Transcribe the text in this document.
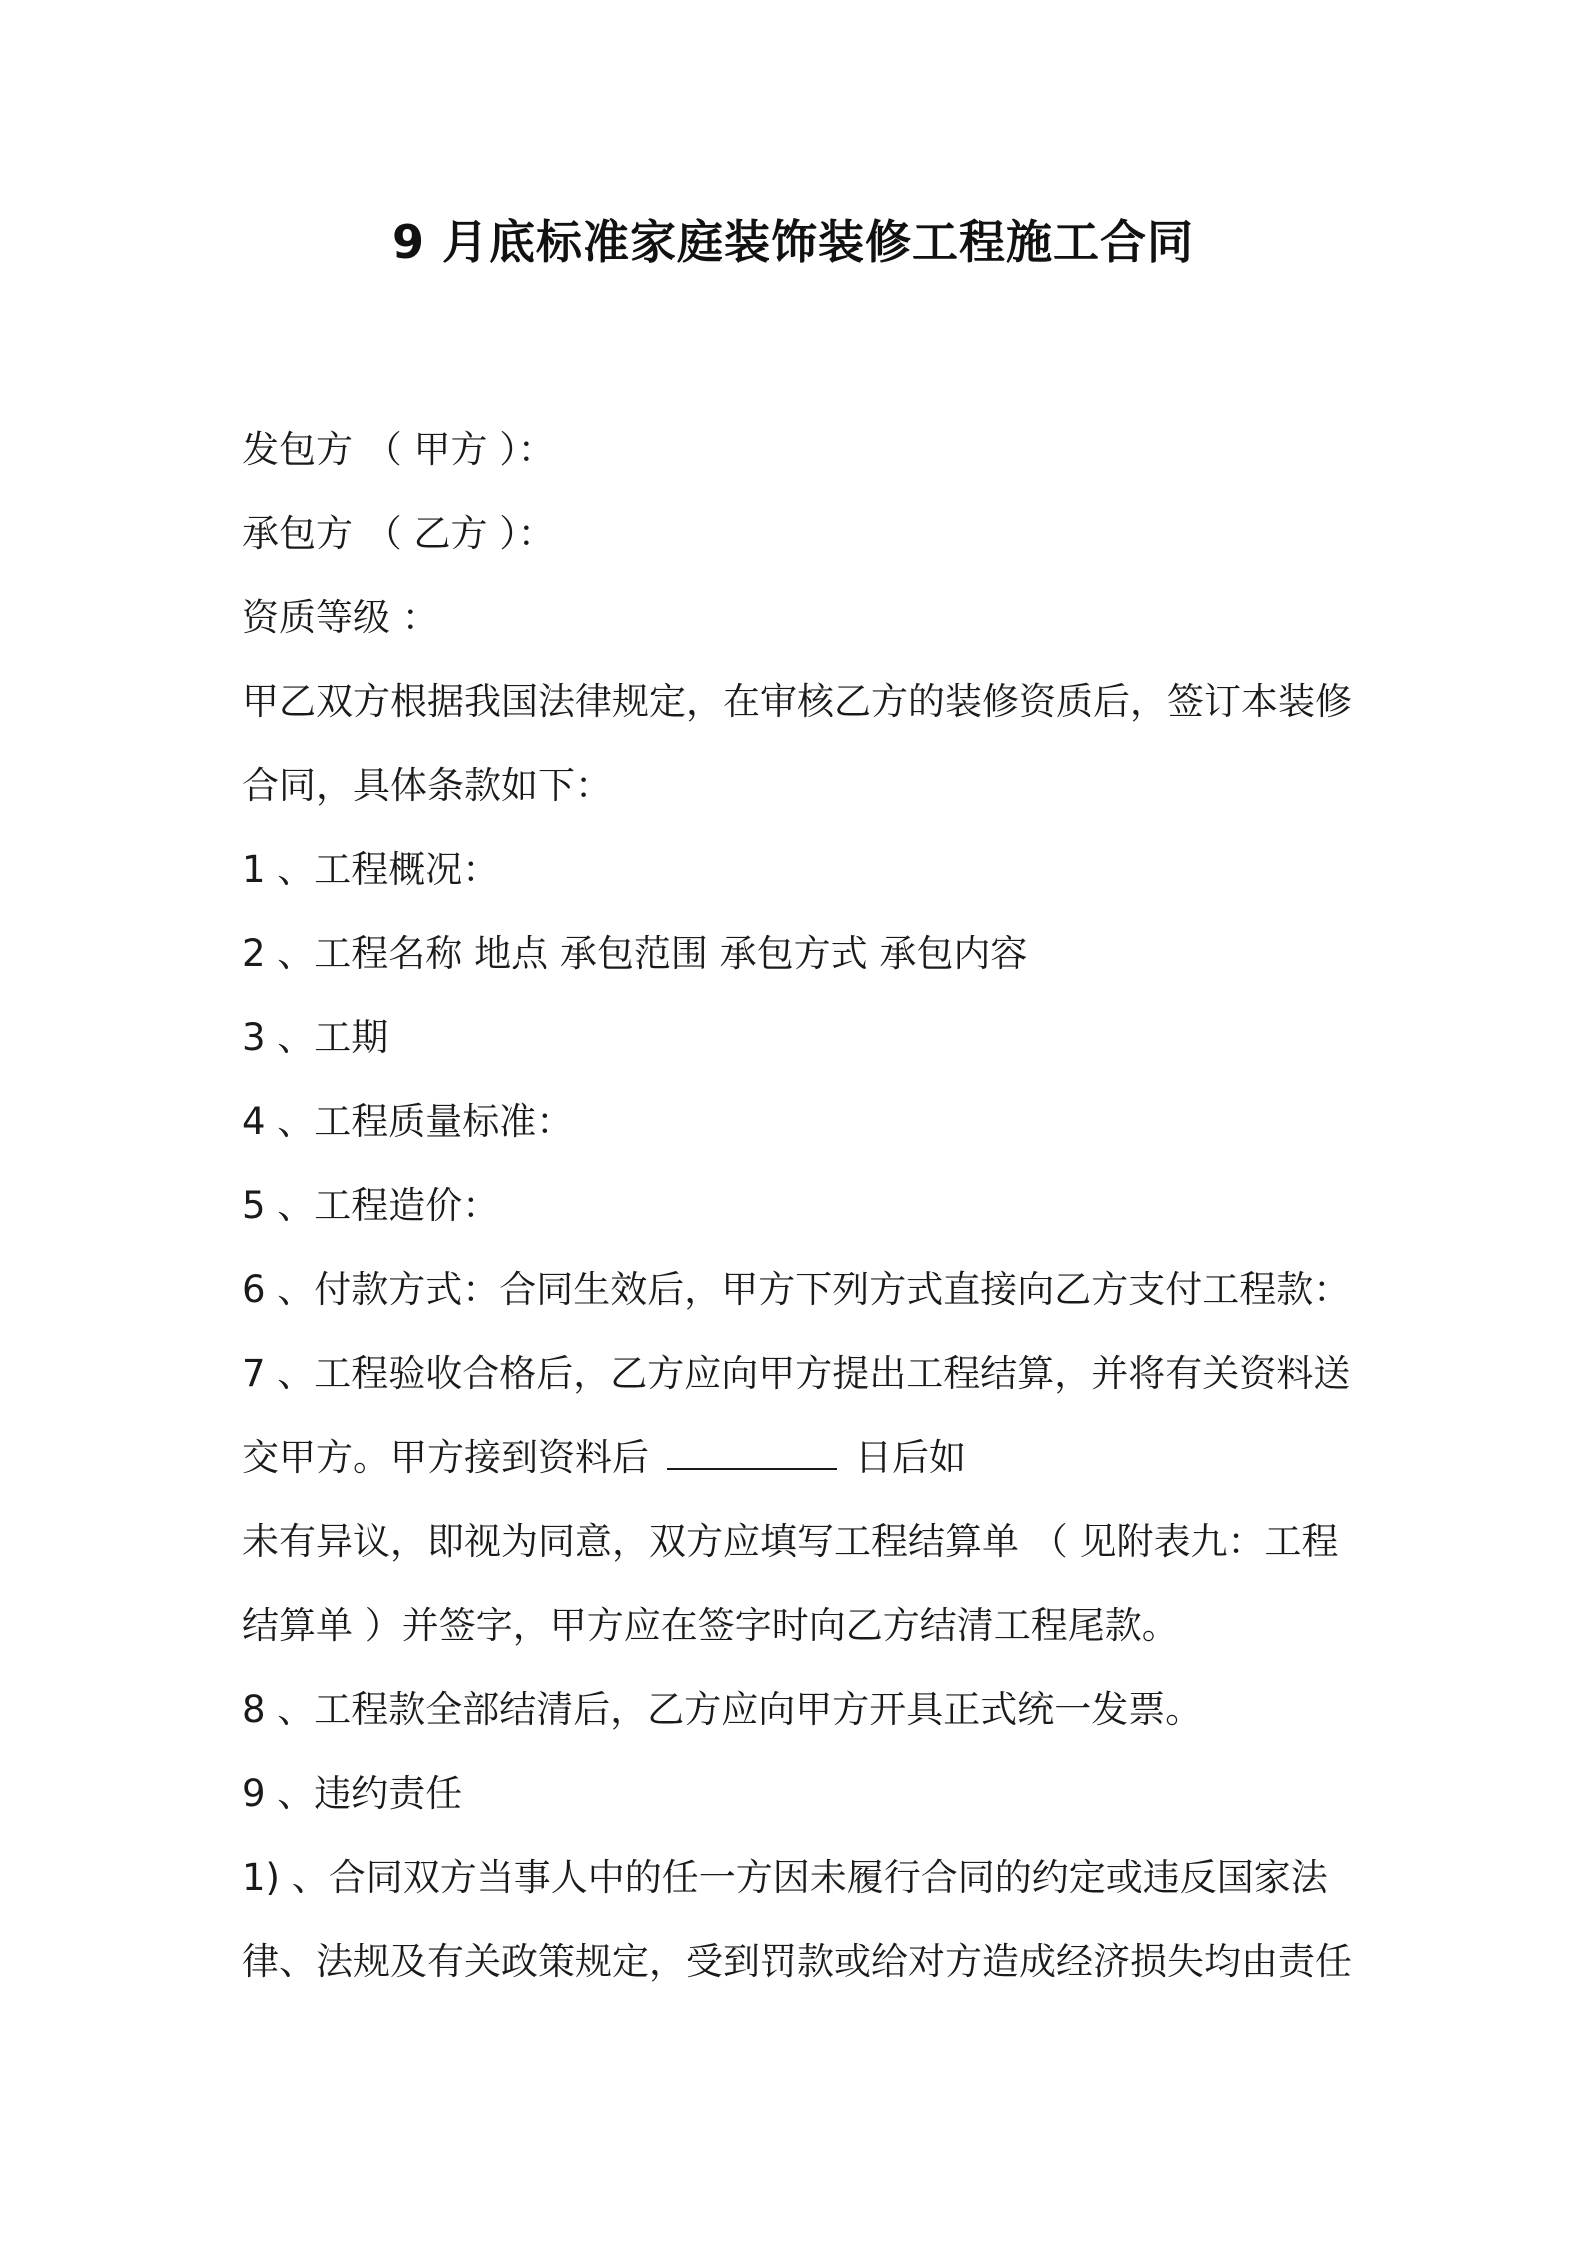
9 月底标准家庭装饰装修工程施工合同
发包方 （ 甲方 ）：
承包方 （ 乙方 ）：
资质等级 ：
甲乙双方根据我国法律规定，在审核乙方的装修资质后，签订本装修
合同，具体条款如下：
1 、工程概况：
2 、工程名称 地点 承包范围 承包方式 承包内容
3 、工期
4 、工程质量标准：
5 、工程造价：
6 、付款方式：合同生效后，甲方下列方式直接向乙方支付工程款：
7 、工程验收合格后，乙方应向甲方提出工程结算，并将有关资料送
交甲方。甲方接到资料后	日后如
未有异议，即视为同意，双方应填写工程结算单 （ 见附表九：工程
结算单 ）并签字，甲方应在签字时向乙方结清工程尾款。
8 、工程款全部结清后，乙方应向甲方开具正式统一发票。
9 、违约责任
1) 、合同双方当事人中的任一方因未履行合同的约定或违反国家法
律、法规及有关政策规定，受到罚款或给对方造成经济损失均由责任
